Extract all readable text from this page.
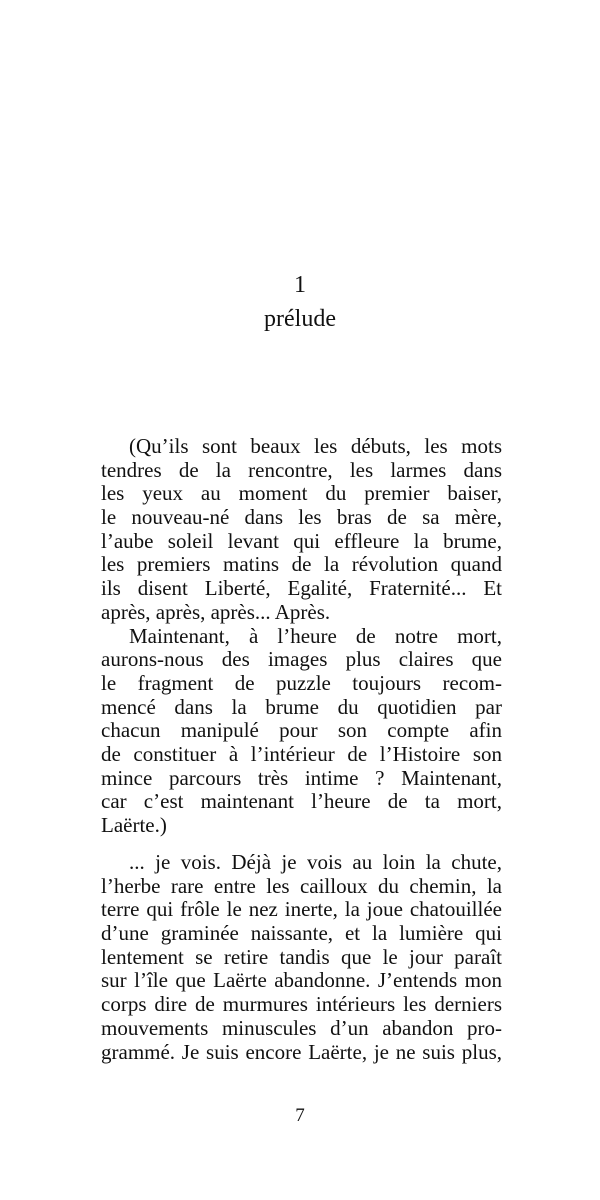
1
prélude
(Qu’ils sont beaux les débuts, les mots
tendres de la rencontre, les larmes dans
les yeux au moment du premier baiser,
le nouveau-né dans les bras de sa mère,
l’aube soleil levant qui effleure la brume,
les premiers matins de la révolution quand
ils disent Liberté, Egalité, Fraternité... Et
après, après, après... Après.
Maintenant, à l’heure de notre mort,
aurons-nous des images plus claires que
le fragment de puzzle toujours recom-
mencé dans la brume du quotidien par
chacun manipulé pour son compte afin
de constituer à l’intérieur de l’Histoire son
mince parcours très intime ? Maintenant,
car c’est maintenant l’heure de ta mort,
Laërte.)
... je vois. Déjà je vois au loin la chute,
l’herbe rare entre les cailloux du chemin, la
terre qui frôle le nez inerte, la joue chatouillée
d’une graminée naissante, et la lumière qui
lentement se retire tandis que le jour paraît
sur l’île que Laërte abandonne. J’entends mon
corps dire de murmures intérieurs les derniers
mouvements minuscules d’un abandon pro-
grammé. Je suis encore Laërte, je ne suis plus,
7
